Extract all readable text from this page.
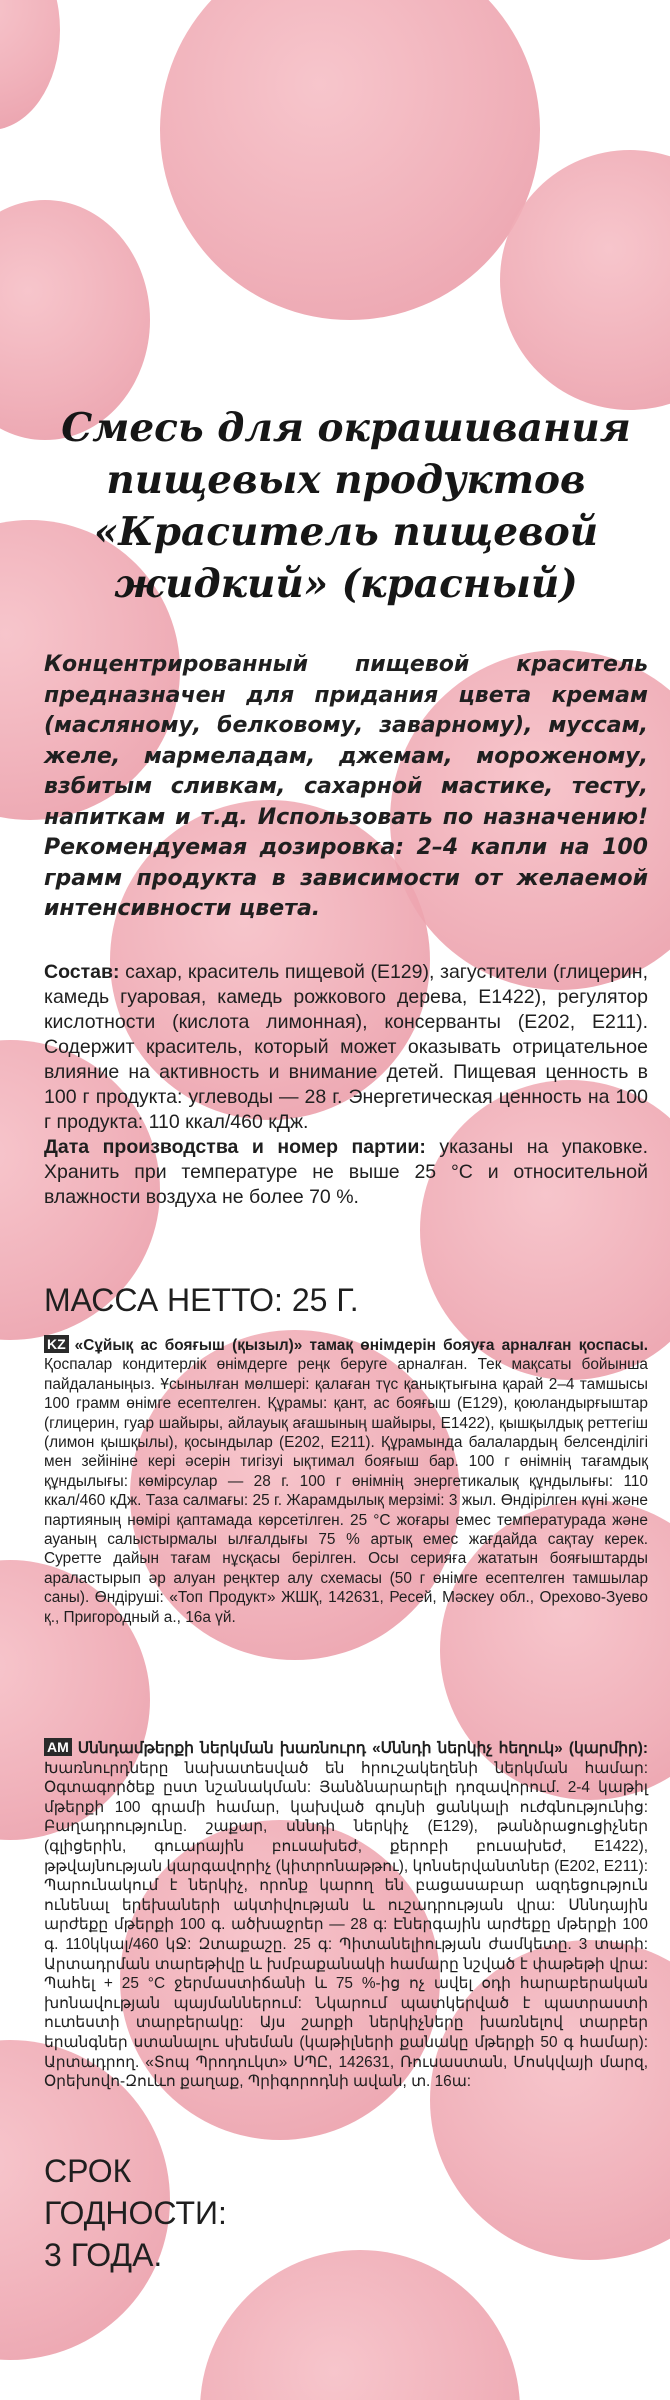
Смесь для окрашивания
пищевых продуктов
«Краситель пищевой
жидкий» (красный)

Концентрированный пищевой краситель предназначен для придания цвета кремам (масляному, белковому, заварному), муссам, желе, мармеладам, джемам, мороженому, взбитым сливкам, сахарной мастике, тесту, напиткам и т.д. Использовать по назначению! Рекомендуемая дозировка: 2–4 капли на 100 грамм продукта в зависимости от желаемой интенсивности цвета.

Состав: сахар, краситель пищевой (Е129), загустители (глицерин, камедь гуаровая, камедь рожкового дерева, Е1422), регулятор кислотности (кислота лимонная), консерванты (Е202, Е211). Содержит краситель, который может оказывать отрицательное влияние на активность и внимание детей. Пищевая ценность в 100 г продукта: углеводы — 28 г. Энергетическая ценность на 100 г продукта: 110 ккал/460 кДж.
Дата производства и номер партии: указаны на упаковке. Хранить при температуре не выше 25 °С и относительной влажности воздуха не более 70 %.

МАССА НЕТТО: 25 Г.

KZ «Сұйық ас бояғыш (қызыл)» тамақ өнімдерін бояуға арналған қоспасы. Қоспалар кондитерлік өнімдерге реңк беруге арналған. Тек мақсаты бойынша пайдаланыңыз. Ұсынылған мөлшері: қалаған түс қанықтығына қарай 2–4 тамшысы 100 грамм өнімге есептелген. Құрамы: қант, ас бояғыш (Е129), қоюландырғыштар (глицерин, гуар шайыры, айлауық ағашының шайыры, Е1422), қышқылдық реттегіш (лимон қышқылы), қосындылар (Е202, Е211). Құрамында балалардың белсенділігі мен зейініне кері әсерін тигізуі ықтимал бояғыш бар. 100 г өнімнің тағамдық құндылығы: көмірсулар — 28 г. 100 г өнімнің энергетикалық құндылығы: 110 ккал/460 кДж. Таза салмағы: 25 г. Жарамдылық мерзімі: 3 жыл. Өндірілген күні және партияның нөмірі қаптамада көрсетілген. 25 °С жоғары емес температурада және ауаның салыстырмалы ылғалдығы 75 % артық емес жағдайда сақтау керек. Суретте дайын тағам нұсқасы берілген. Осы серияға жататын бояғыштарды араластырып әр алуан реңктер алу схемасы (50 г өнімге есептелген тамшылар саны). Өндіруші: «Топ Продукт» ЖШҚ, 142631, Ресей, Мәскеу обл., Орехово-Зуево қ., Пригородный а., 16а үй.

AM Սննդամթերքի ներկման խառնուրդ «Սննդի ներկիչ հեղուկ» (կարմիր): Խառնուրդները նախատեսված են հրուշակեղենի ներկման համար: Օգտագործեք ըստ նշանակման: Յանձնարարելի դոզավորում. 2-4 կաթիլ մթերքի 100 գրամի համար, կախված գույնի ցանկալի ուժգնությունից: Բաղադրությունը. շաքար, սննդի ներկիչ (Е129), թանձրացուցիչներ (գլիցերին, գուարային բուսախեժ, քերոբի բուսախեժ, Е1422), թթվայնության կարգավորիչ (կիտրոնաթթու), կոնսերվանտներ (Е202, Е211): Պարունակում է ներկիչ, որոնք կարող են բացասաբար ազդեցություն ունենալ երեխաների ակտիվության և ուշադրության վրա: Սննդային արժեքը մթերքի 100 գ. ածխաջրեր — 28 գ: Էներգային արժեքը մթերքի 100 գ. 110կկալ/460 կՋ: Զտաքաշը. 25 գ: Պիտանելիության ժամկետը. 3 տարի: Արտադրման տարեթիվը և խմբաքանակի համարը նշված է փաթեթի վրա: Պահել + 25 °С ջերմաստիճանի և 75 %-ից ոչ ավել օդի հարաբերական խոնավության պայմաններում: Նկարում պատկերված է պատրաստի ուտեստի տարբերակը: Այս շարքի ներկիչները խառնելով տարբեր երանգներ ստանալու սխեման (կաթիլների քանակը մթերքի 50 գ համար): Արտադրող. «Տոպ Պրոդուկտ» ՍՊԸ, 142631, Ռուսաստան, Մոսկվայի մարզ, Օրեխովո-Զուևո քաղաք, Պրիգորոդնի ավան, տ. 16ա:

СРОК
ГОДНОСТИ:
3 ГОДА.
